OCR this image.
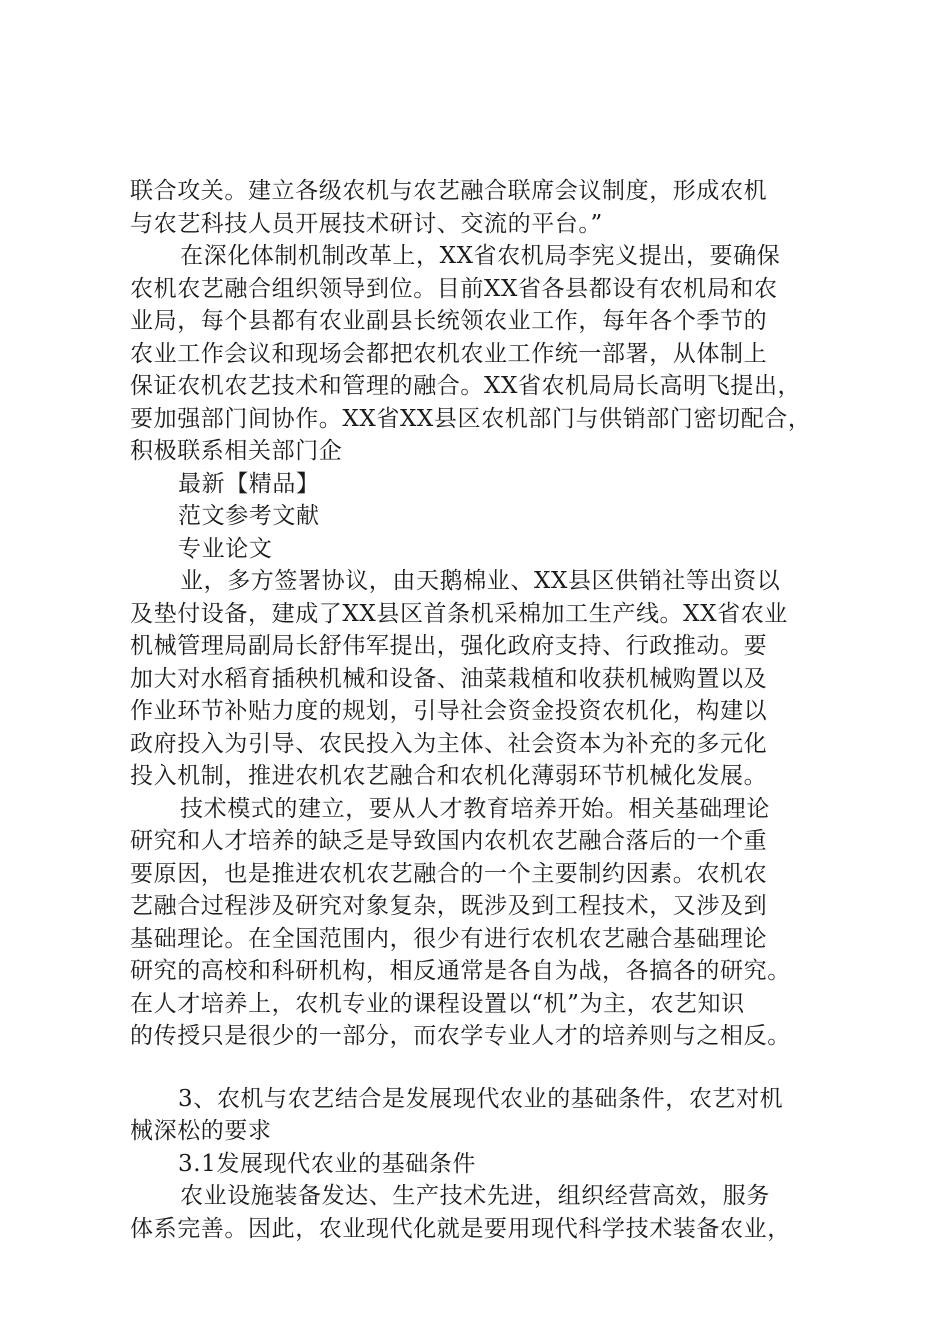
联合攻关。建立各级农机与农艺融合联席会议制度，形成农机
与农艺科技人员开展技术研讨、交流的平台。”
在深化体制机制改革上，XX省农机局李宪义提出，要确保
农机农艺融合组织领导到位。目前XX省各县都设有农机局和农
业局，每个县都有农业副县长统领农业工作，每年各个季节的
农业工作会议和现场会都把农机农业工作统一部署，从体制上
保证农机农艺技术和管理的融合。XX省农机局局长高明飞提出，
要加强部门间协作。XX省XX县区农机部门与供销部门密切配合，
积极联系相关部门企
最新【精品】
范文参考文献
专业论文
业，多方签署协议，由天鹅棉业、XX县区供销社等出资以
及垫付设备，建成了XX县区首条机采棉加工生产线。XX省农业
机械管理局副局长舒伟军提出，强化政府支持、行政推动。要
加大对水稻育插秧机械和设备、油菜栽植和收获机械购置以及
作业环节补贴力度的规划，引导社会资金投资农机化，构建以
政府投入为引导、农民投入为主体、社会资本为补充的多元化
投入机制，推进农机农艺融合和农机化薄弱环节机械化发展。
技术模式的建立，要从人才教育培养开始。相关基础理论
研究和人才培养的缺乏是导致国内农机农艺融合落后的一个重
要原因，也是推进农机农艺融合的一个主要制约因素。农机农
艺融合过程涉及研究对象复杂，既涉及到工程技术，又涉及到
基础理论。在全国范围内，很少有进行农机农艺融合基础理论
研究的高校和科研机构，相反通常是各自为战，各搞各的研究。
在人才培养上，农机专业的课程设置以“机”为主，农艺知识
的传授只是很少的一部分，而农学专业人才的培养则与之相反。
3、农机与农艺结合是发展现代农业的基础条件，农艺对机
械深松的要求
3.1发展现代农业的基础条件
农业设施装备发达、生产技术先进，组织经营高效，服务
体系完善。因此，农业现代化就是要用现代科学技术装备农业，
